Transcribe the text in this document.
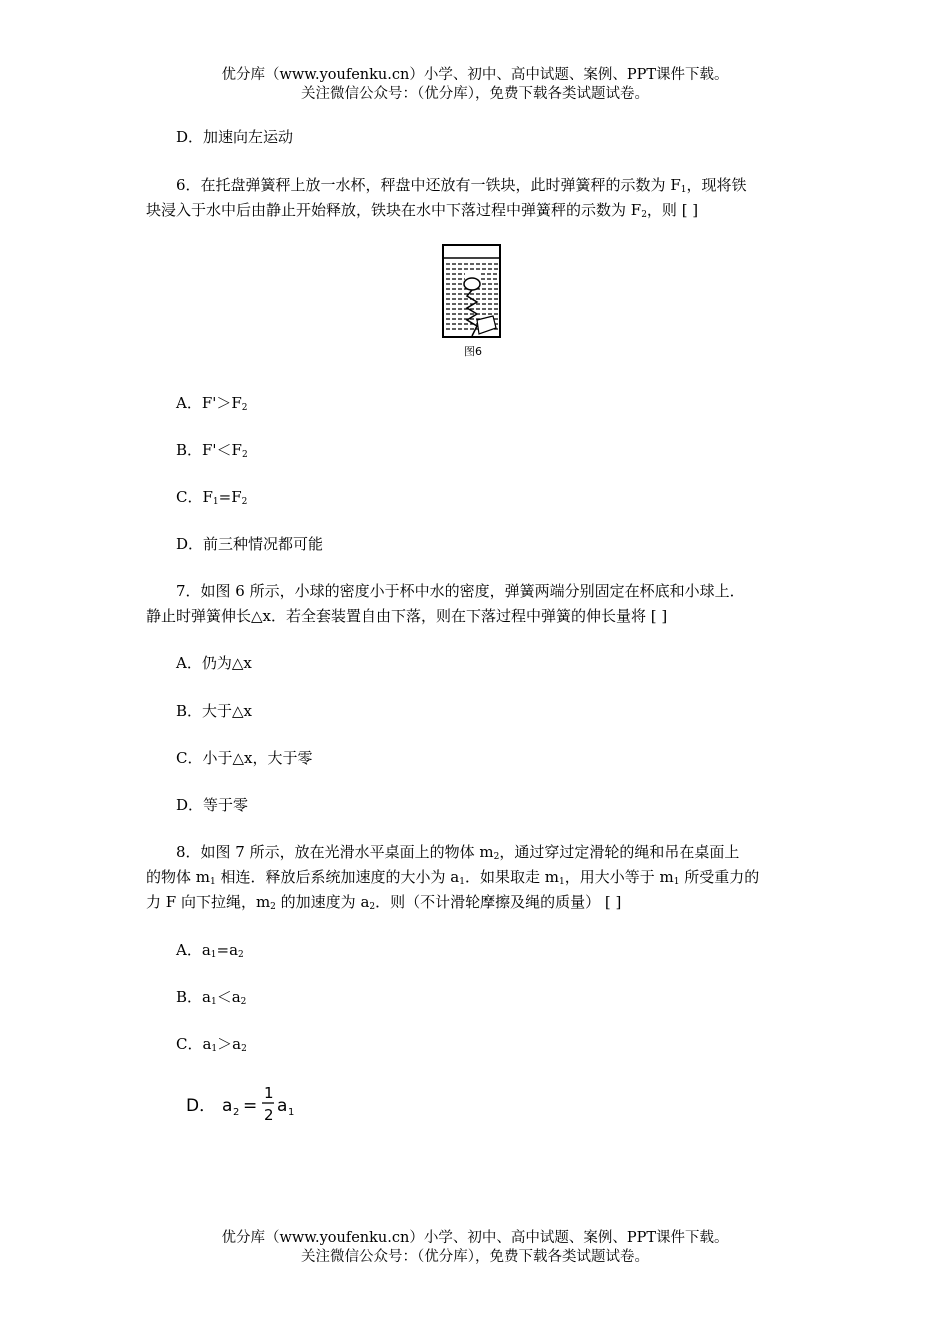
优分库（www.youfenku.cn）小学、初中、高中试题、案例、PPT课件下载。
关注微信公众号：（优分库），免费下载各类试题试卷。
D．加速向左运动
6．在托盘弹簧秤上放一水杯，秤盘中还放有一铁块，此时弹簧秤的示数为 $F_1$，现将铁
块浸入于水中后由静止开始释放，铁块在水中下落过程中弹簧秤的示数为 $F_2$，则 [ ]
图6
A．$F'>F_2$
B．$F'<F_2$
C．$F_1=F_2$
D．前三种情况都可能
7．如图 6 所示，小球的密度小于杯中水的密度，弹簧两端分别固定在杯底和小球上．
静止时弹簧伸长△x．若全套装置自由下落，则在下落过程中弹簧的伸长量将 [ ]
A．仍为△x
B．大于△x
C．小于△x，大于零
D．等于零
8．如图 7 所示，放在光滑水平桌面上的物体 $m_2$，通过穿过定滑轮的绳和吊在桌面上
的物体 $m_1$ 相连．释放后系统加速度的大小为 $a_1$．如果取走 $m_1$，用大小等于 $m_1$ 所受重力的
力 F 向下拉绳，$m_2$ 的加速度为 $a_2$．则（不计滑轮摩擦及绳的质量） [ ]
A．$a_1=a_2$
B．$a_1<a_2$
C．$a_1>a_2$
D． a 2 =
1
2 a 1
优分库（www.youfenku.cn）小学、初中、高中试题、案例、PPT课件下载。
关注微信公众号：（优分库），免费下载各类试题试卷。
